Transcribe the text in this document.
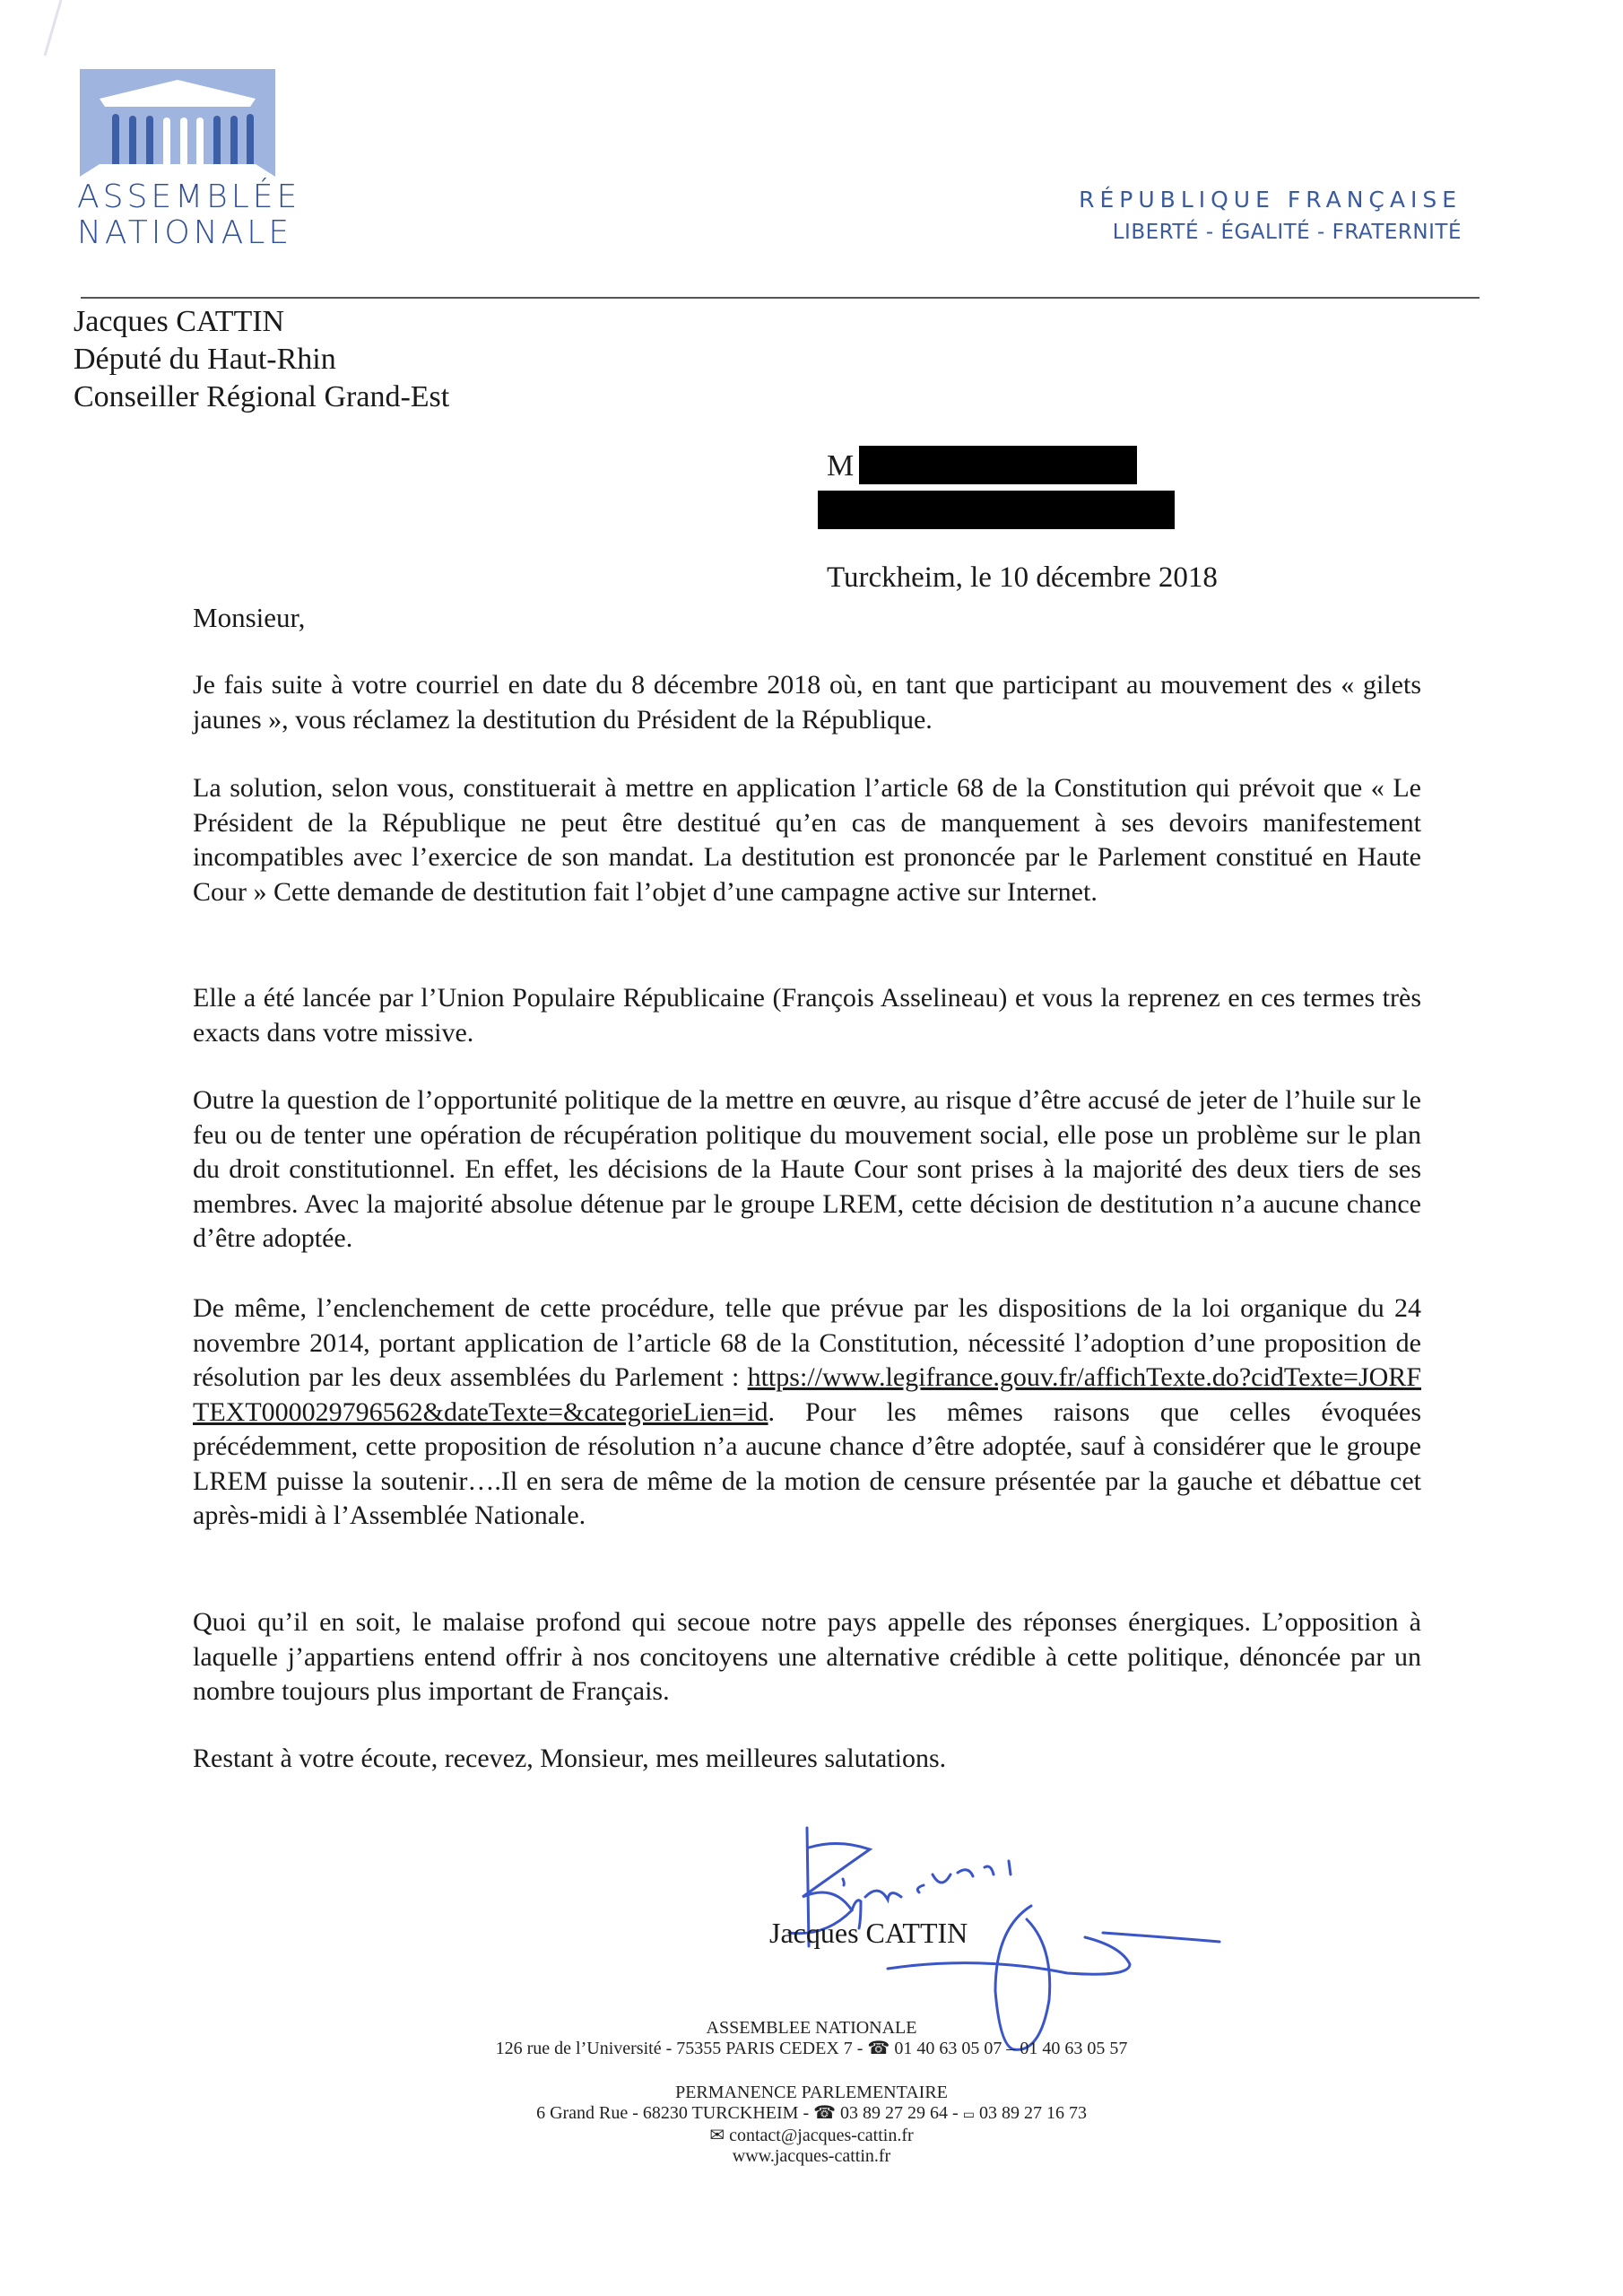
ASSEMBLÉE
NATIONALE
RÉPUBLIQUE FRANÇAISE
LIBERTÉ - ÉGALITÉ - FRATERNITÉ
Jacques CATTIN
Député du Haut-Rhin
Conseiller Régional Grand-Est
M
Turckheim, le 10 décembre 2018
Monsieur,

Je fais suite à votre courriel en date du 8 décembre 2018 où, en tant que participant au mouvement des « gilets jaunes », vous réclamez la destitution du Président de la République.

La solution, selon vous, constituerait à mettre en application l’article 68 de la Constitution qui prévoit que « Le Président de la République ne peut être destitué qu’en cas de manquement à ses devoirs manifestement incompatibles avec l’exercice de son mandat. La destitution est prononcée par le Parlement constitué en Haute Cour » Cette demande de destitution fait l’objet d’une campagne active sur Internet.

Elle a été lancée par l’Union Populaire Républicaine (François Asselineau) et vous la reprenez en ces termes très exacts dans votre missive.

Outre la question de l’opportunité politique de la mettre en œuvre, au risque d’être accusé de jeter de l’huile sur le feu ou de tenter une opération de récupération politique du mouvement social, elle pose un problème sur le plan du droit constitutionnel. En effet, les décisions de la Haute Cour sont prises à la majorité des deux tiers de ses membres. Avec la majorité absolue détenue par le groupe LREM, cette décision de destitution n’a aucune chance d’être adoptée.

De même, l’enclenchement de cette procédure, telle que prévue par les dispositions de la loi organique du 24 novembre 2014, portant application de l’article 68 de la Constitution, nécessité l’adoption d’une proposition de résolution par les deux assemblées du Parlement : https://www.legifrance.gouv.fr/affichTexte.do?cidTexte=JORFTEXT000029796562&dateTexte=&categorieLien=id. Pour les mêmes raisons que celles évoquées précédemment, cette proposition de résolution n’a aucune chance d’être adoptée, sauf à considérer que le groupe LREM puisse la soutenir….Il en sera de même de la motion de censure présentée par la gauche et débattue cet après-midi à l’Assemblée Nationale.

Quoi qu’il en soit, le malaise profond qui secoue notre pays appelle des réponses énergiques. L’opposition à laquelle j’appartiens entend offrir à nos concitoyens une alternative crédible à cette politique, dénoncée par un nombre toujours plus important de Français.

Restant à votre écoute, recevez, Monsieur, mes meilleures salutations.

Jacques CATTIN
ASSEMBLEE NATIONALE
126 rue de l’Université - 75355 PARIS CEDEX 7 - ☎ 01 40 63 05 07 – 01 40 63 05 57
PERMANENCE PARLEMENTAIRE
6 Grand Rue - 68230 TURCKHEIM - ☎ 03 89 27 29 64 - ▭ 03 89 27 16 73
✉ contact@jacques-cattin.fr
www.jacques-cattin.fr
